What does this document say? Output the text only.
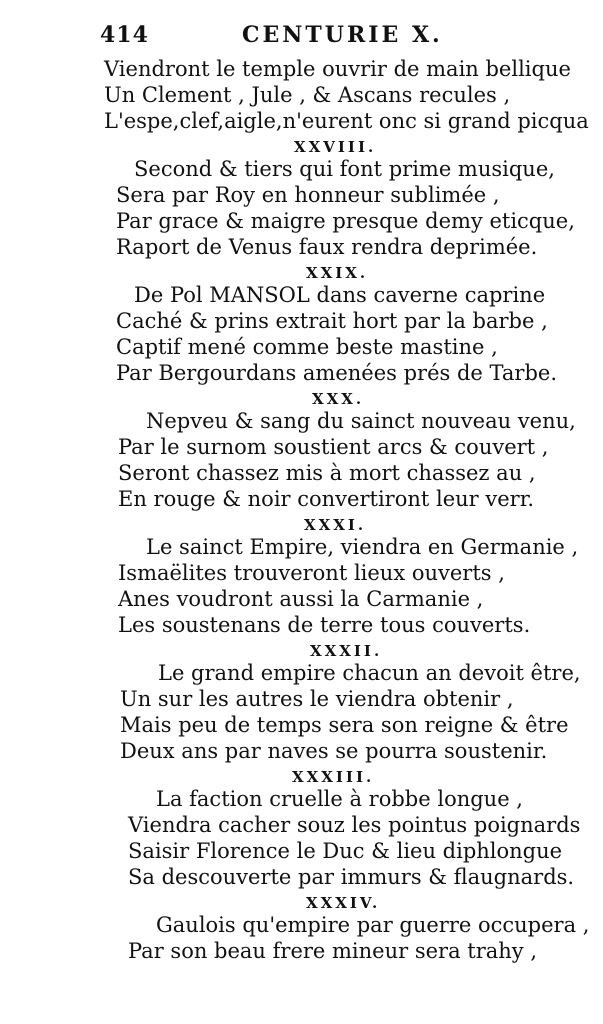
414	CENTURIE X.
Viendront le temple ouvrir de main bellique
Un Clement , Jule , & Ascans recules ,
L'espe,clef,aigle,n'eurent onc si grand picqua
XXVIII.
Second & tiers qui font prime musique,
Sera par Roy en honneur sublimée ,
Par grace & maigre presque demy eticque,
Raport de Venus faux rendra deprimée.
XXIX.
De Pol MANSOL dans caverne caprine
Caché & prins extrait hort par la barbe ,
Captif mené comme beste mastine ,
Par Bergourdans amenées prés de Tarbe.
XXX.
Nepveu & sang du sainct nouveau venu,
Par le surnom soustient arcs & couvert ,
Seront chassez mis à mort chassez au ,
En rouge & noir convertiront leur verr.
XXXI.
Le sainct Empire, viendra en Germanie ,
Ismaëlites trouveront lieux ouverts ,
Anes voudront aussi la Carmanie ,
Les soustenans de terre tous couverts.
XXXII.
Le grand empire chacun an devoit être,
Un sur les autres le viendra obtenir ,
Mais peu de temps sera son reigne & être
Deux ans par naves se pourra soustenir.
XXXIII.
La faction cruelle à robbe longue ,
Viendra cacher souz les pointus poignards
Saisir Florence le Duc & lieu diphlongue
Sa descouverte par immurs & flaugnards.
XXXIV.
Gaulois qu'empire par guerre occupera ,
Par son beau frere mineur sera trahy ,
